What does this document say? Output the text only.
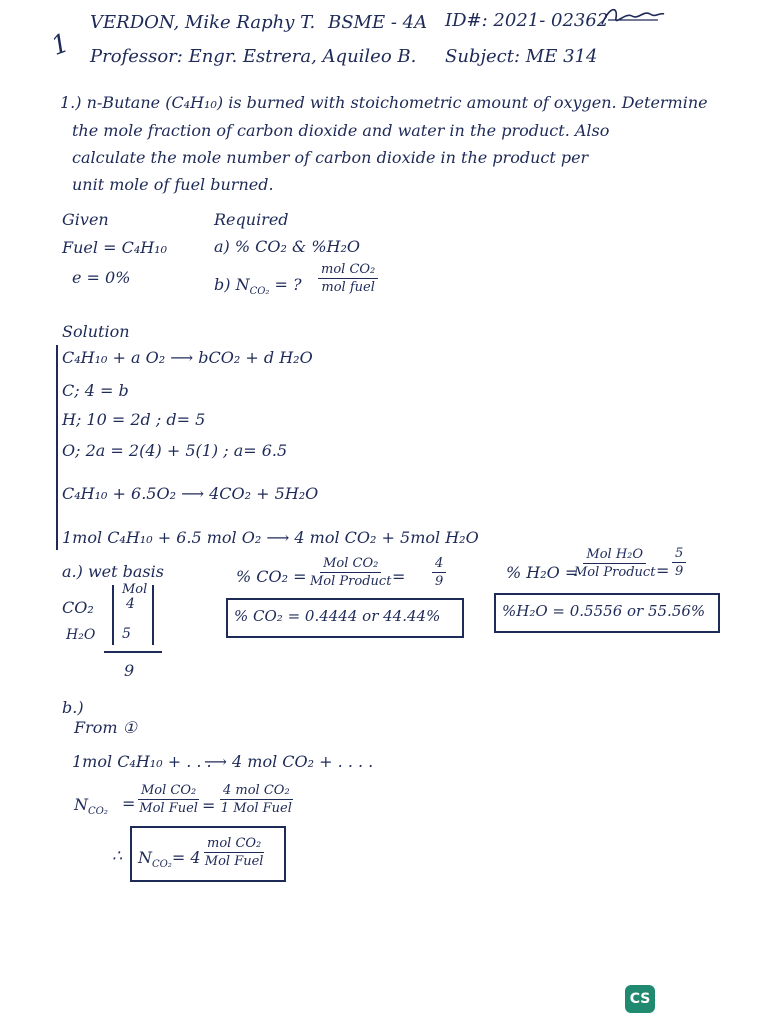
1
VERDON, Mike Raphy T. BSME - 4A ID#: 2021- 02362
Professor: Engr. Estrera, Aquileo B. Subject: ME 314
1.) n-Butane (C₄H₁₀) is burned with stoichometric amount of oxygen. Determine
the mole fraction of carbon dioxide and water in the product. Also
calculate the mole number of carbon dioxide in the product per
unit mole of fuel burned.
Given
Fuel = C₄H₁₀
e = 0%
Required
a) % CO₂ & %H₂O
b) $N_{CO_2}$ = ?
mol CO₂
mol fuel
Solution
C₄H₁₀ + a O₂ ⟶ bCO₂ + d H₂O
C; 4 = b
H; 10 = 2d ; d= 5
O; 2a = 2(4) + 5(1) ; a= 6.5
C₄H₁₀ + 6.5O₂ ⟶ 4CO₂ + 5H₂O
1mol C₄H₁₀ + 6.5 mol O₂ ⟶ 4 mol CO₂ + 5mol H₂O
a.) wet basis
Mol
CO₂ 4
H₂O 5
9
% CO₂ =
Mol CO₂
Mol Product = $\frac{4}{9}$
% CO₂ = 0.4444 or 44.44%
% H₂O =
Mol H₂O
Mol Product = $\frac{5}{9}$
%H₂O = 0.5556 or 55.56%
b.)
From ①
1mol C₄H₁₀ + . . .
⟶ 4 mol CO₂ + . . . .
$N_{CO_2}$ =
Mol CO₂
Mol Fuel =
4 mol CO₂
1 Mol Fuel
∴ $N_{CO_2}= 4$
mol CO₂
Mol Fuel
CS
